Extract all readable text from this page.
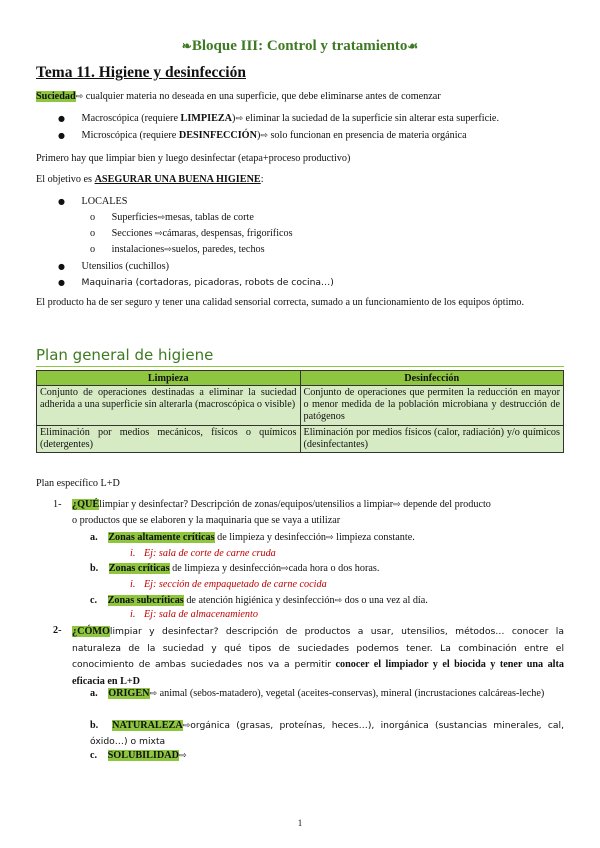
❧Bloque III: Control y tratamiento☙
Tema 11. Higiene y desinfección
Suciedad⇨ cualquier materia no deseada en una superficie, que debe eliminarse antes de comenzar
● Macroscópica (requiere LIMPIEZA)⇨ eliminar la suciedad de la superficie sin alterar esta superficie.
● Microscópica (requiere DESINFECCIÓN)⇨ solo funcionan en presencia de materia orgánica
Primero hay que limpiar bien y luego desinfectar (etapa+proceso productivo)
El objetivo es ASEGURAR UNA BUENA HIGIENE:
● LOCALES
o Superficies⇨mesas, tablas de corte
o Secciones ⇨cámaras, despensas, frigoríficos
o instalaciones⇨suelos, paredes, techos
● Utensilios (cuchillos)
● Maquinaria (cortadoras, picadoras, robots de cocina…)
El producto ha de ser seguro y tener una calidad sensorial correcta, sumado a un funcionamiento de los equipos óptimo.
Plan general de higiene
Limpieza	Desinfección
Conjunto de operaciones destinadas a eliminar la suciedad adherida a una superficie sin alterarla (macroscópica o visible)	Conjunto de operaciones que permiten la reducción en mayor o menor medida de la población microbiana y destrucción de patógenos
Eliminación por medios mecánicos, físicos o químicos (detergentes)	Eliminación por medios físicos (calor, radiación) y/o químicos (desinfectantes)
Plan específico L+D
1- ¿QUÉlimpiar y desinfectar? Descripción de zonas/equipos/utensilios a limpiar⇨ depende del producto
o productos que se elaboren y la maquinaria que se vaya a utilizar
a. Zonas altamente críticas de limpieza y desinfección⇨ limpieza constante.
i. Ej: sala de corte de carne cruda
b. Zonas críticas de limpieza y desinfección⇨cada hora o dos horas.
i. Ej: sección de empaquetado de carne cocida
c. Zonas subcríticas de atención higiénica y desinfección⇨ dos o una vez al día.
i. Ej: sala de almacenamiento
2- ¿CÓMOlimpiar y desinfectar? descripción de productos a usar, utensilios, métodos… conocer la naturaleza de la suciedad y qué tipos de suciedades podemos tener. La combinación entre el conocimiento de ambas suciedades nos va a permitir conocer el limpiador y el biocida y tener una alta eficacia en L+D
a. ORIGEN⇨ animal (sebos-matadero), vegetal (aceites-conservas), mineral (incrustaciones calcáreas-leche)
b. NATURALEZA⇨orgánica (grasas, proteínas, heces…), inorgánica (sustancias minerales, cal, óxido…) o mixta
c. SOLUBILIDAD⇨
1
